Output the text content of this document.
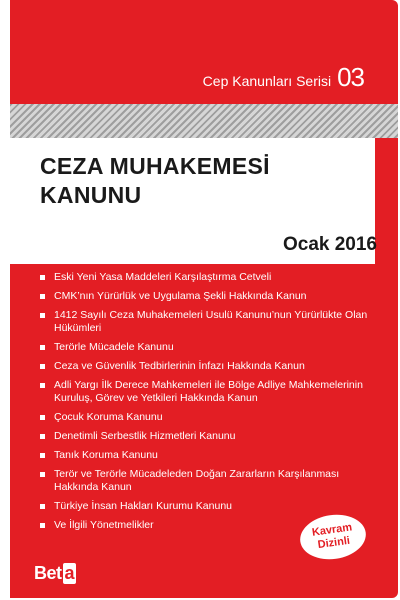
Cep Kanunları Serisi 03
CEZA MUHAKEMESİ
KANUNU

Ocak 2016

Eski Yeni Yasa Maddeleri Karşılaştırma Cetveli
CMK’nın Yürürlük ve Uygulama Şekli Hakkında Kanun
1412 Sayılı Ceza Muhakemeleri Usulü Kanunu’nun Yürürlükte Olan Hükümleri
Terörle Mücadele Kanunu
Ceza ve Güvenlik Tedbirlerinin İnfazı Hakkında Kanun
Adli Yargı İlk Derece Mahkemeleri ile Bölge Adliye Mahkemelerinin Kuruluş, Görev ve Yetkileri Hakkında Kanun
Çocuk Koruma Kanunu
Denetimli Serbestlik Hizmetleri Kanunu
Tanık Koruma Kanunu
Terör ve Terörle Mücadeleden Doğan Zararların Karşılanması Hakkında Kanun
Türkiye İnsan Hakları Kurumu Kanunu
Ve İlgili Yönetmelikler	Kavram
Dizinli
Bet a
